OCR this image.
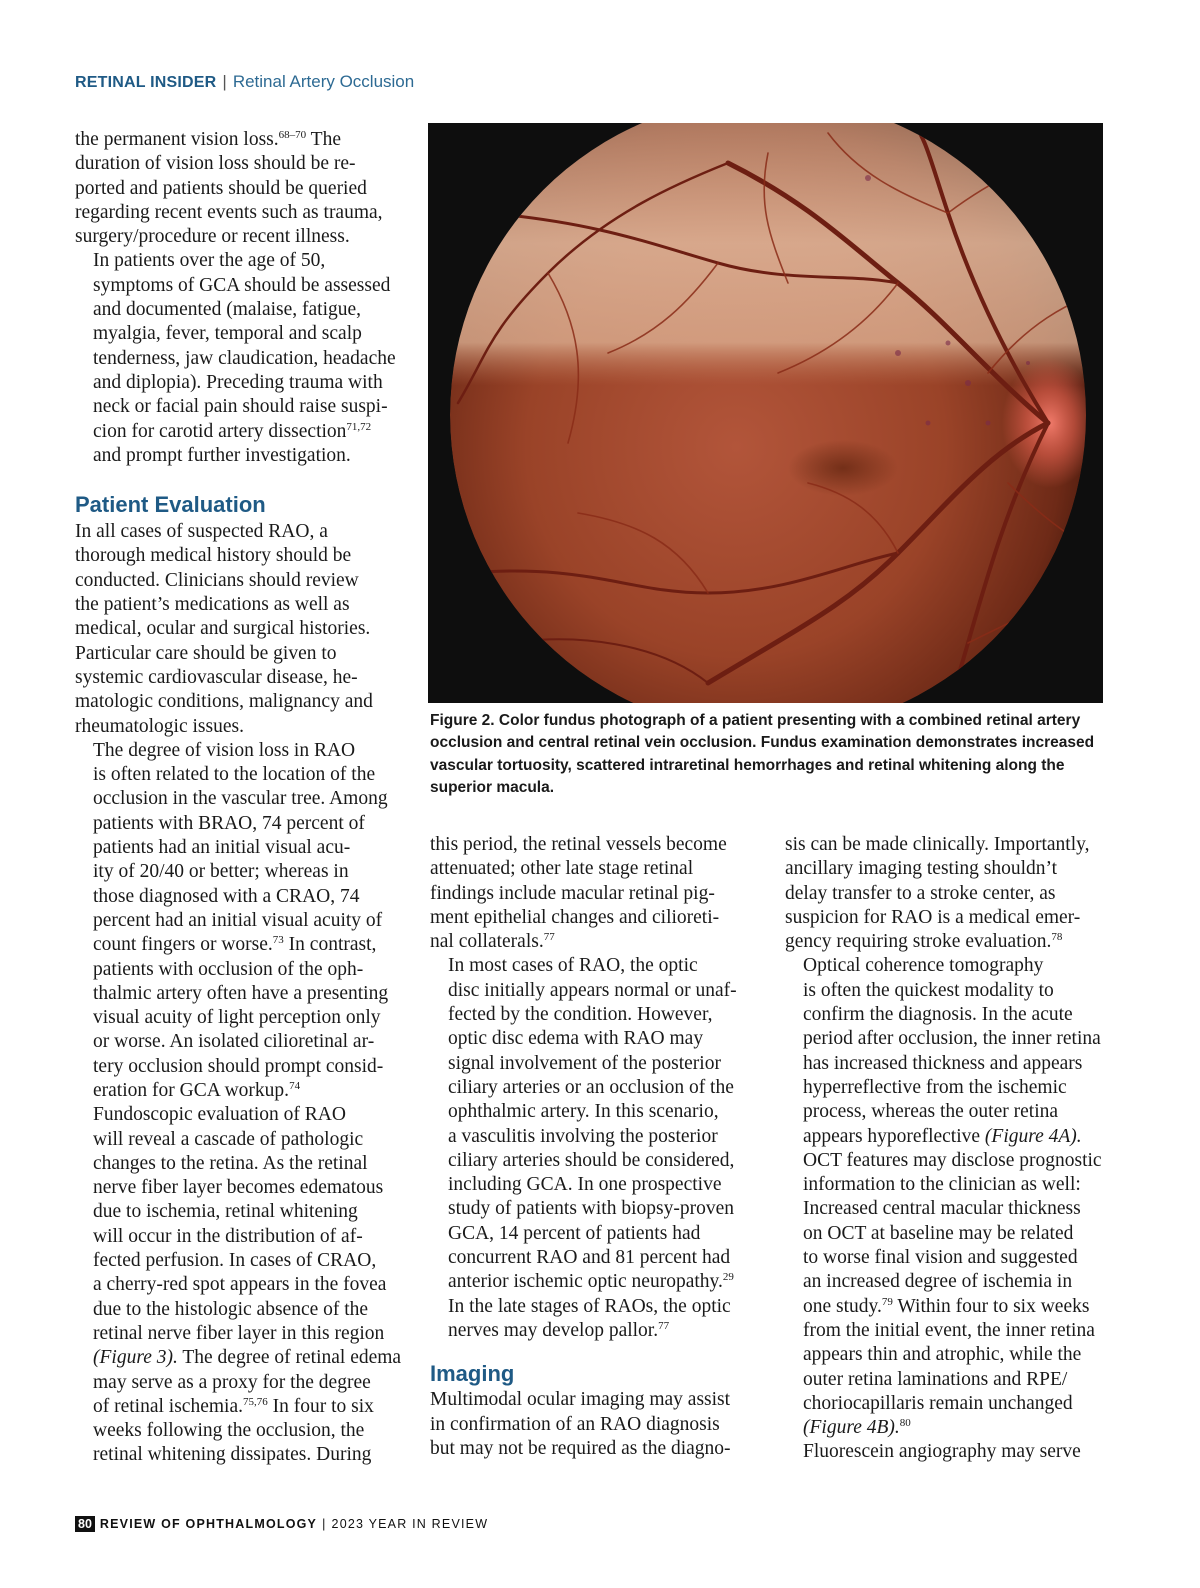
RETINAL INSIDER | Retinal Artery Occlusion

the permanent vision loss.$^{68-70}$ The
duration of vision loss should be re-
ported and patients should be queried
regarding recent events such as trauma,
surgery/procedure or recent illness.

In patients over the age of 50,
symptoms of GCA should be assessed
and documented (malaise, fatigue,
myalgia, fever, temporal and scalp
tenderness, jaw claudication, headache
and diplopia). Preceding trauma with
neck or facial pain should raise suspi-
cion for carotid artery dissection$^{71,72}$
and prompt further investigation.

Patient Evaluation

In all cases of suspected RAO, a
thorough medical history should be
conducted. Clinicians should review
the patient’s medications as well as
medical, ocular and surgical histories.
Particular care should be given to
systemic cardiovascular disease, he-
matologic conditions, malignancy and
rheumatologic issues.

The degree of vision loss in RAO
is often related to the location of the
occlusion in the vascular tree. Among
patients with BRAO, 74 percent of
patients had an initial visual acu-
ity of 20/40 or better; whereas in
those diagnosed with a CRAO, 74
percent had an initial visual acuity of
count fingers or worse.$^{73}$ In contrast,
patients with occlusion of the oph-
thalmic artery often have a presenting
visual acuity of light perception only
or worse. An isolated cilioretinal ar-
tery occlusion should prompt consid-
eration for GCA workup.$^{74}$

Fundoscopic evaluation of RAO
will reveal a cascade of pathologic
changes to the retina. As the retinal
nerve fiber layer becomes edematous
due to ischemia, retinal whitening
will occur in the distribution of af-
fected perfusion. In cases of CRAO,
a cherry-red spot appears in the fovea
due to the histologic absence of the
retinal nerve fiber layer in this region
(Figure 3). The degree of retinal edema
may serve as a proxy for the degree
of retinal ischemia.$^{75,76}$ In four to six
weeks following the occlusion, the
retinal whitening dissipates. During

Figure 2. Color fundus photograph of a patient presenting with a combined retinal artery
occlusion and central retinal vein occlusion. Fundus examination demonstrates increased
vascular tortuosity, scattered intraretinal hemorrhages and retinal whitening along the
superior macula.

this period, the retinal vessels become
attenuated; other late stage retinal
findings include macular retinal pig-
ment epithelial changes and cilioreti-
nal collaterals.$^{77}$

In most cases of RAO, the optic
disc initially appears normal or unaf-
fected by the condition. However,
optic disc edema with RAO may
signal involvement of the posterior
ciliary arteries or an occlusion of the
ophthalmic artery. In this scenario,
a vasculitis involving the posterior
ciliary arteries should be considered,
including GCA. In one prospective
study of patients with biopsy-proven
GCA, 14 percent of patients had
concurrent RAO and 81 percent had
anterior ischemic optic neuropathy.$^{29}$
In the late stages of RAOs, the optic
nerves may develop pallor.$^{77}$

Imaging

Multimodal ocular imaging may assist
in confirmation of an RAO diagnosis
but may not be required as the diagno-

sis can be made clinically. Importantly,
ancillary imaging testing shouldn’t
delay transfer to a stroke center, as
suspicion for RAO is a medical emer-
gency requiring stroke evaluation.$^{78}$

Optical coherence tomography
is often the quickest modality to
confirm the diagnosis. In the acute
period after occlusion, the inner retina
has increased thickness and appears
hyperreflective from the ischemic
process, whereas the outer retina
appears hyporeflective (Figure 4A).
OCT features may disclose prognostic
information to the clinician as well:
Increased central macular thickness
on OCT at baseline may be related
to worse final vision and suggested
an increased degree of ischemia in
one study.$^{79}$ Within four to six weeks
from the initial event, the inner retina
appears thin and atrophic, while the
outer retina laminations and RPE/
choriocapillaris remain unchanged
(Figure 4B).$^{80}$

Fluorescein angiography may serve

80 REVIEW OF OPHTHALMOLOGY | 2023 YEAR IN REVIEW
